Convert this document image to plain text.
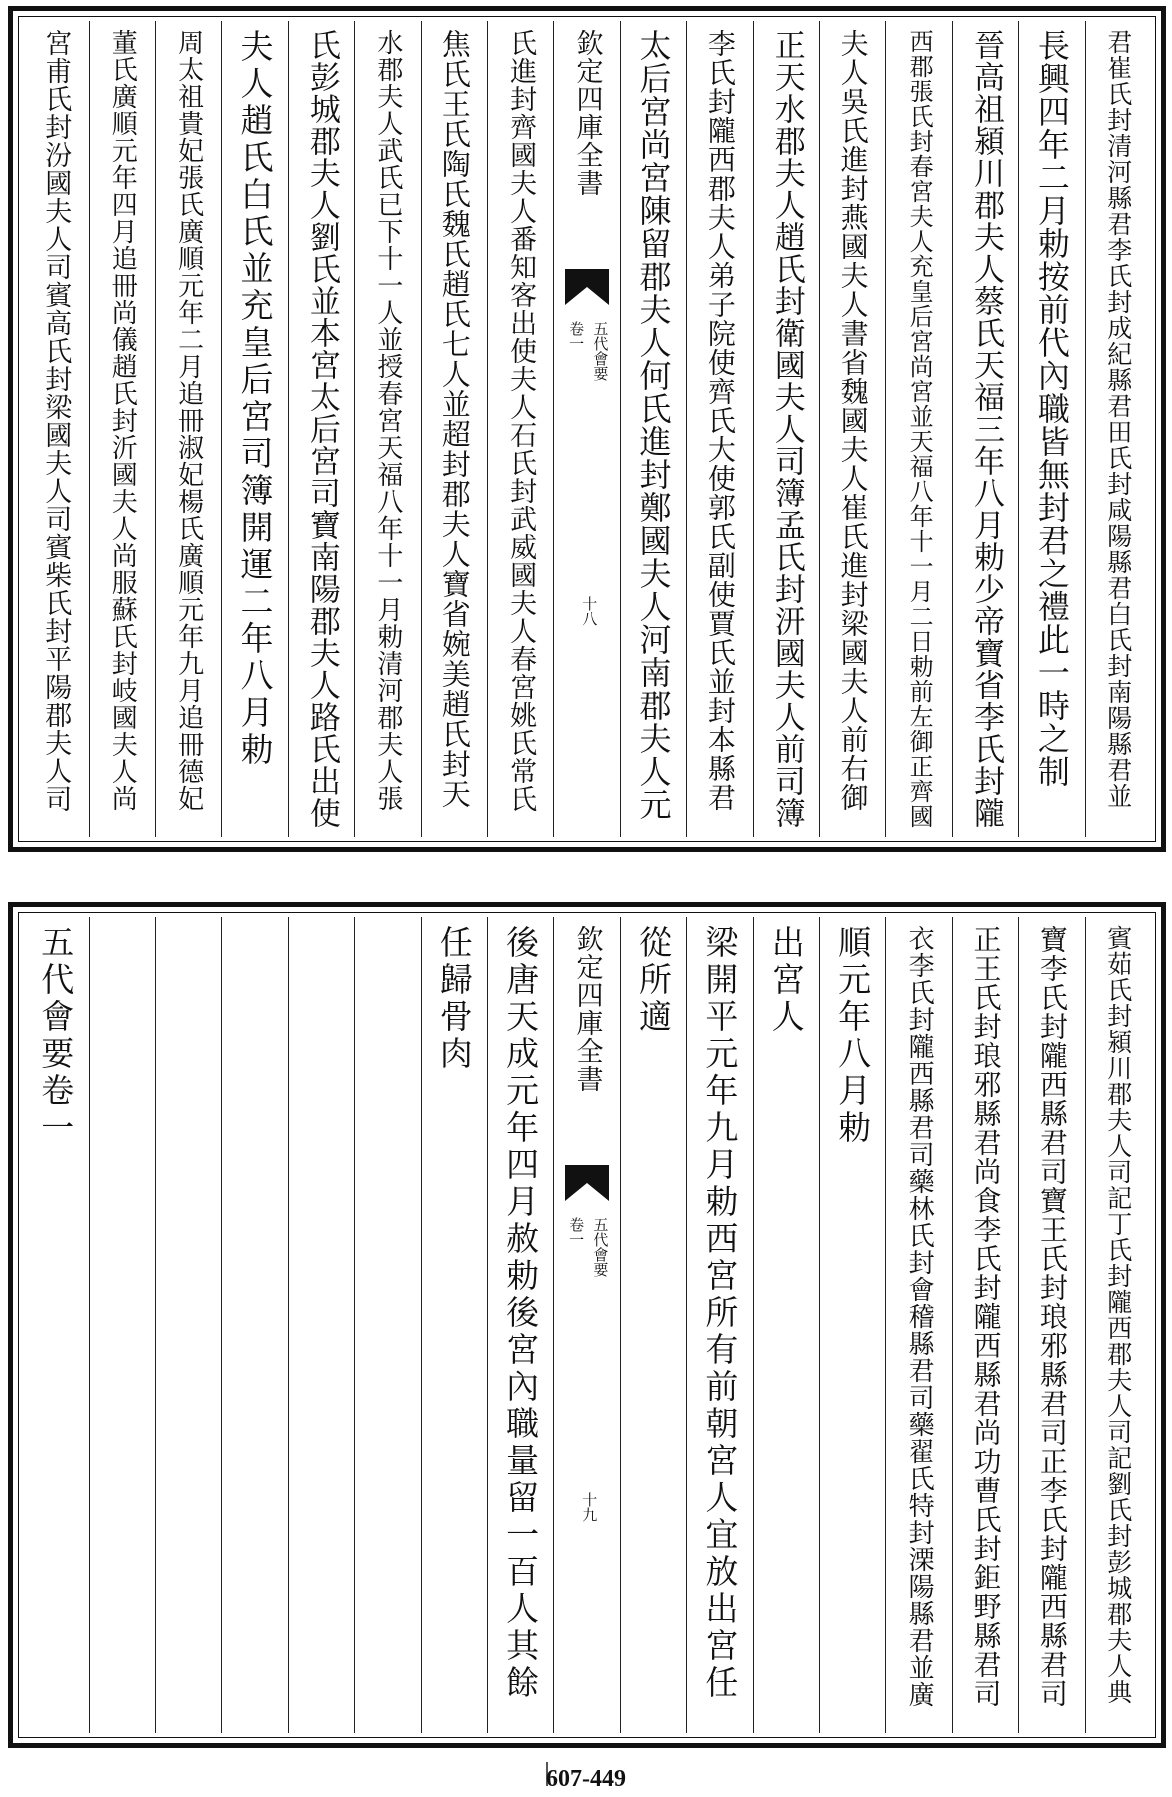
君崔氏封清河縣君李氏封成紀縣君田氏封咸陽縣君白氏封南陽縣君並
長興四年二月勅按前代內職皆無封君之禮此一時之制
晉高祖潁川郡夫人蔡氏天福三年八月勅少帝寶省李氏封隴
西郡張氏封春宮夫人充皇后宮尚宮並天福八年十一月二日勅前左御正齊國
夫人吳氏進封燕國夫人書省魏國夫人崔氏進封梁國夫人前右御
正天水郡夫人趙氏封衛國夫人司簿孟氏封汧國夫人前司簿
李氏封隴西郡夫人弟子院使齊氏大使郭氏副使賈氏並封本縣君
太后宮尚宮陳留郡夫人何氏進封鄭國夫人河南郡夫人元
欽定四庫全書
五代會要
卷一
十八
氏進封齊國夫人番知客出使夫人石氏封武威國夫人春宮姚氏常氏
焦氏王氏陶氏魏氏趙氏七人並超封郡夫人寶省婉美趙氏封天
水郡夫人武氏已下十一人並授春宮天福八年十一月勅清河郡夫人張
氏彭城郡夫人劉氏並本宮太后宮司寶南陽郡夫人路氏出使
夫人趙氏白氏並充皇后宮司簿開運二年八月勅
周太祖貴妃張氏廣順元年二月追冊淑妃楊氏廣順元年九月追冊德妃
董氏廣順元年四月追冊尚儀趙氏封沂國夫人尚服蘇氏封岐國夫人尚
宮甫氏封汾國夫人司賓高氏封梁國夫人司賓柴氏封平陽郡夫人司
賓茹氏封潁川郡夫人司記丁氏封隴西郡夫人司記劉氏封彭城郡夫人典
寶李氏封隴西縣君司寶王氏封琅邪縣君司正李氏封隴西縣君司
正王氏封琅邪縣君尚食李氏封隴西縣君尚功曹氏封鉅野縣君司
衣李氏封隴西縣君司藥林氏封會稽縣君司藥翟氏特封溧陽縣君並廣
順元年八月勅
出宮人
梁開平元年九月勅西宮所有前朝宮人宜放出宮任
從所適
欽定四庫全書
五代會要
卷一
十九
後唐天成元年四月赦勅後宮內職量留一百人其餘
任歸骨肉
五代會要卷一
607-449
